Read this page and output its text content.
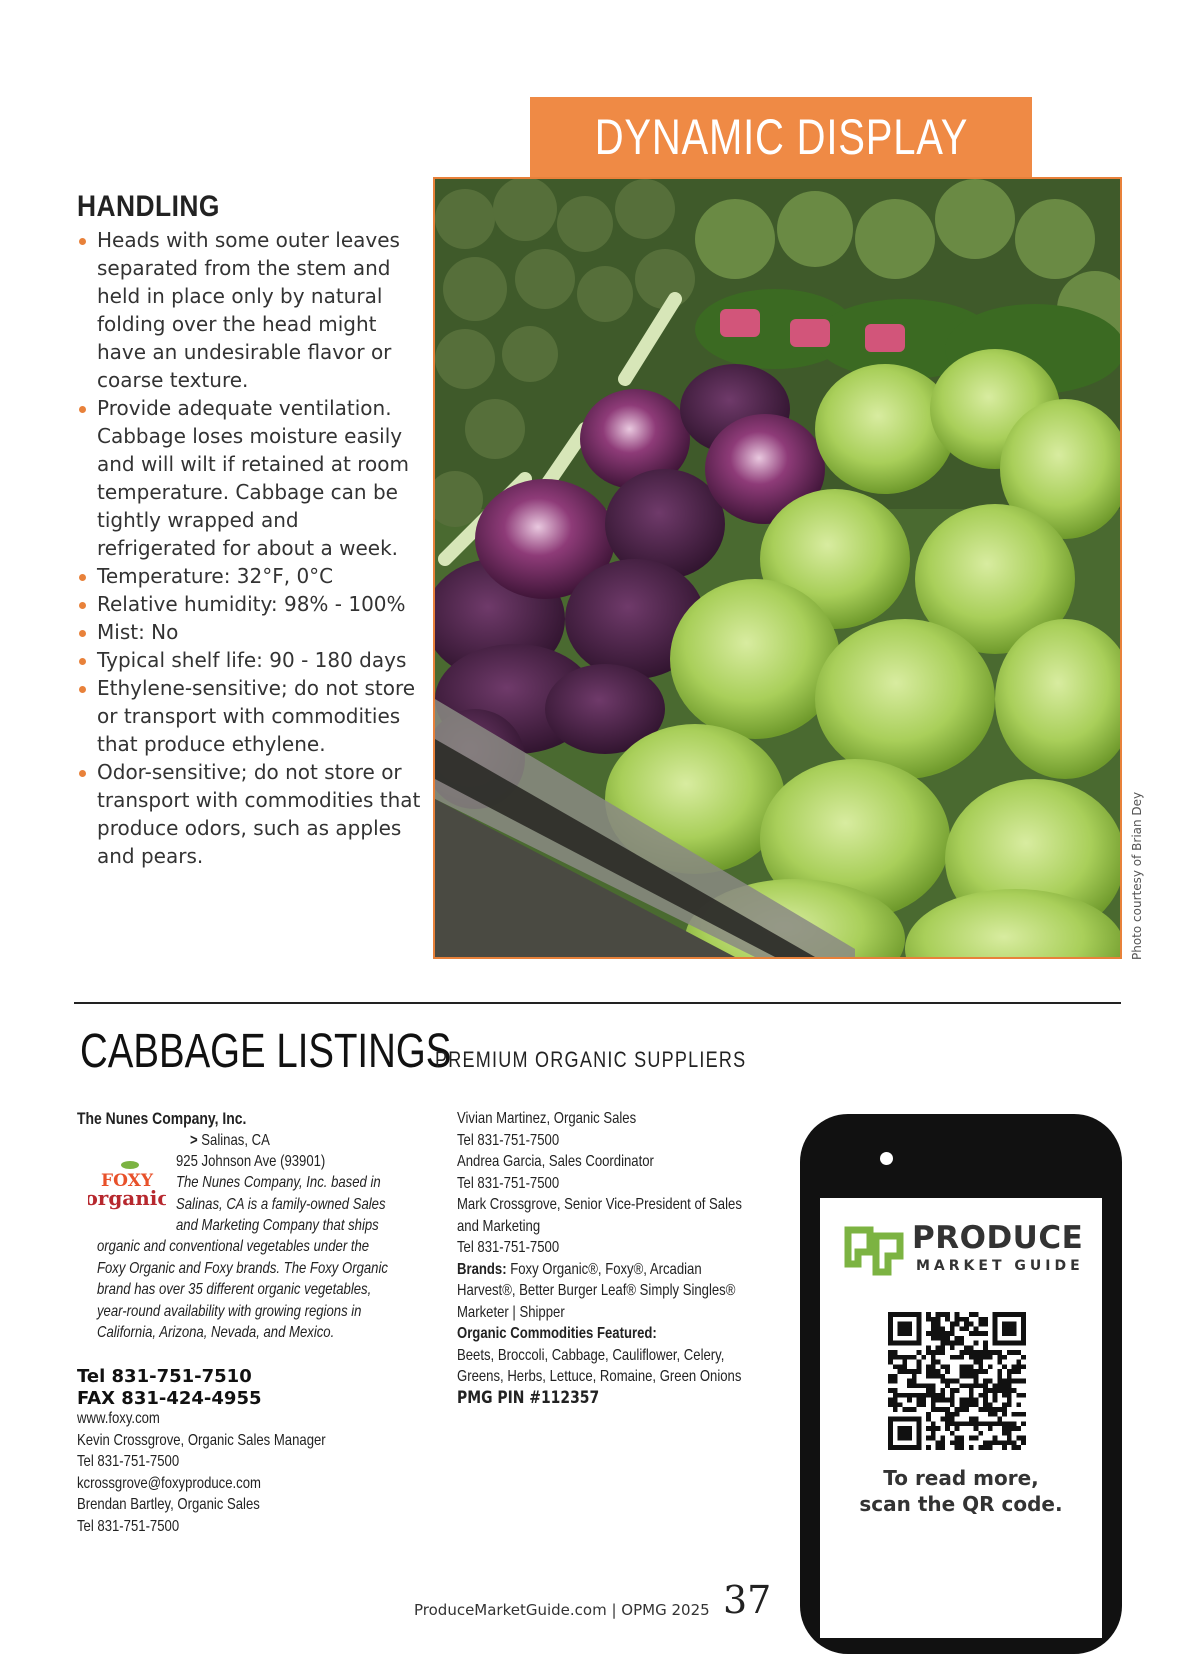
HANDLING
Heads with some outer leaves separated from the stem and held in place only by natural folding over the head might have an undesirable flavor or coarse texture.
Provide adequate ventilation. Cabbage loses moisture easily and will wilt if retained at room temperature. Cabbage can be tightly wrapped and refrigerated for about a week.
Temperature: 32°F, 0°C
Relative humidity: 98% - 100%
Mist: No
Typical shelf life: 90 - 180 days
Ethylene-sensitive; do not store or transport with commodities that produce ethylene.
Odor-sensitive; do not store or transport with commodities that produce odors, such as apples and pears.
DYNAMIC DISPLAY
Photo courtesy of Brian Dey
CABBAGE LISTINGS
PREMIUM ORGANIC SUPPLIERS
The Nunes Company, Inc.
> Salinas, CA
925 Johnson Ave (93901)
FOXY
organic
The Nunes Company, Inc. based in
Salinas, CA is a family-owned Sales
and Marketing Company that ships
organic and conventional vegetables under the
Foxy Organic and Foxy brands. The Foxy Organic
brand has over 35 different organic vegetables,
year-round availability with growing regions in
California, Arizona, Nevada, and Mexico.
Tel 831-751-7510
FAX 831-424-4955
www.foxy.com
Kevin Crossgrove, Organic Sales Manager
Tel 831-751-7500
kcrossgrove@foxyproduce.com
Brendan Bartley, Organic Sales
Tel 831-751-7500
Vivian Martinez, Organic Sales
Tel 831-751-7500
Andrea Garcia, Sales Coordinator
Tel 831-751-7500
Mark Crossgrove, Senior Vice-President of Sales
and Marketing
Tel 831-751-7500
Brands: Foxy Organic®, Foxy®, Arcadian
Harvest®, Better Burger Leaf® Simply Singles®
Marketer | Shipper
Organic Commodities Featured:
Beets, Broccoli, Cabbage, Cauliflower, Celery,
Greens, Herbs, Lettuce, Romaine, Green Onions
PMG PIN #112357
PRODUCE
MARKET GUIDE
To read more,
scan the QR code.
ProduceMarketGuide.com | OPMG 2025 37
